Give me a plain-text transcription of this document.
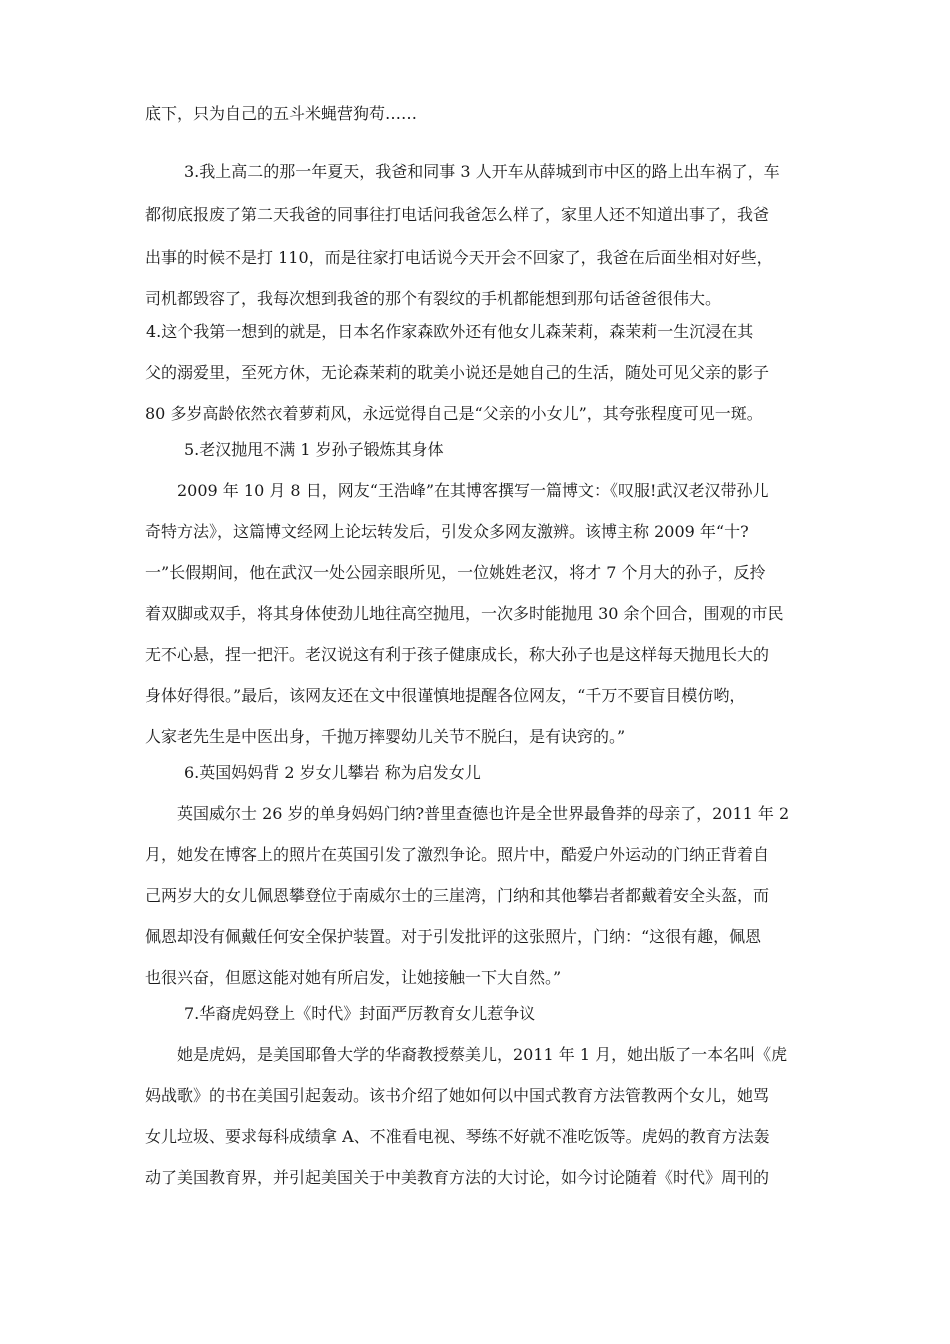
底下，只为自己的五斗米蝇营狗苟……
3.我上高二的那一年夏天，我爸和同事 3 人开车从薛城到市中区的路上出车祸了，车
都彻底报废了第二天我爸的同事往打电话问我爸怎么样了，家里人还不知道出事了，我爸
出事的时候不是打 110，而是往家打电话说今天开会不回家了，我爸在后面坐相对好些，
司机都毁容了，我每次想到我爸的那个有裂纹的手机都能想到那句话爸爸很伟大。
4.这个我第一想到的就是，日本名作家森欧外还有他女儿森茉莉，森茉莉一生沉浸在其
父的溺爱里，至死方休，无论森茉莉的耽美小说还是她自己的生活，随处可见父亲的影子
80 多岁高龄依然衣着萝莉风，永远觉得自己是“父亲的小女儿”，其夸张程度可见一斑。
5.老汉抛甩不满 1 岁孙子锻炼其身体
2009 年 10 月 8 日，网友“王浩峰”在其博客撰写一篇博文：《叹服!武汉老汉带孙儿
奇特方法》，这篇博文经网上论坛转发后，引发众多网友激辨。该博主称 2009 年“十?
一”长假期间，他在武汉一处公园亲眼所见，一位姚姓老汉，将才 7 个月大的孙子，反拎
着双脚或双手，将其身体使劲儿地往高空抛甩，一次多时能抛甩 30 余个回合，围观的市民
无不心悬，捏一把汗。老汉说这有利于孩子健康成长，称大孙子也是这样每天抛甩长大的
身体好得很。”最后，该网友还在文中很谨慎地提醒各位网友，“千万不要盲目模仿哟，
人家老先生是中医出身，千抛万摔婴幼儿关节不脱臼，是有诀窍的。”
6.英国妈妈背 2 岁女儿攀岩 称为启发女儿
英国威尔士 26 岁的单身妈妈门纳?普里查德也许是全世界最鲁莽的母亲了，2011 年 2
月，她发在博客上的照片在英国引发了激烈争论。照片中，酷爱户外运动的门纳正背着自
己两岁大的女儿佩恩攀登位于南威尔士的三崖湾，门纳和其他攀岩者都戴着安全头盔，而
佩恩却没有佩戴任何安全保护装置。对于引发批评的这张照片，门纳：“这很有趣，佩恩
也很兴奋，但愿这能对她有所启发，让她接触一下大自然。”
7.华裔虎妈登上《时代》封面严厉教育女儿惹争议
她是虎妈，是美国耶鲁大学的华裔教授蔡美儿，2011 年 1 月，她出版了一本名叫《虎
妈战歌》的书在美国引起轰动。该书介绍了她如何以中国式教育方法管教两个女儿，她骂
女儿垃圾、要求每科成绩拿 A、不准看电视、琴练不好就不准吃饭等。虎妈的教育方法轰
动了美国教育界，并引起美国关于中美教育方法的大讨论，如今讨论随着《时代》周刊的
